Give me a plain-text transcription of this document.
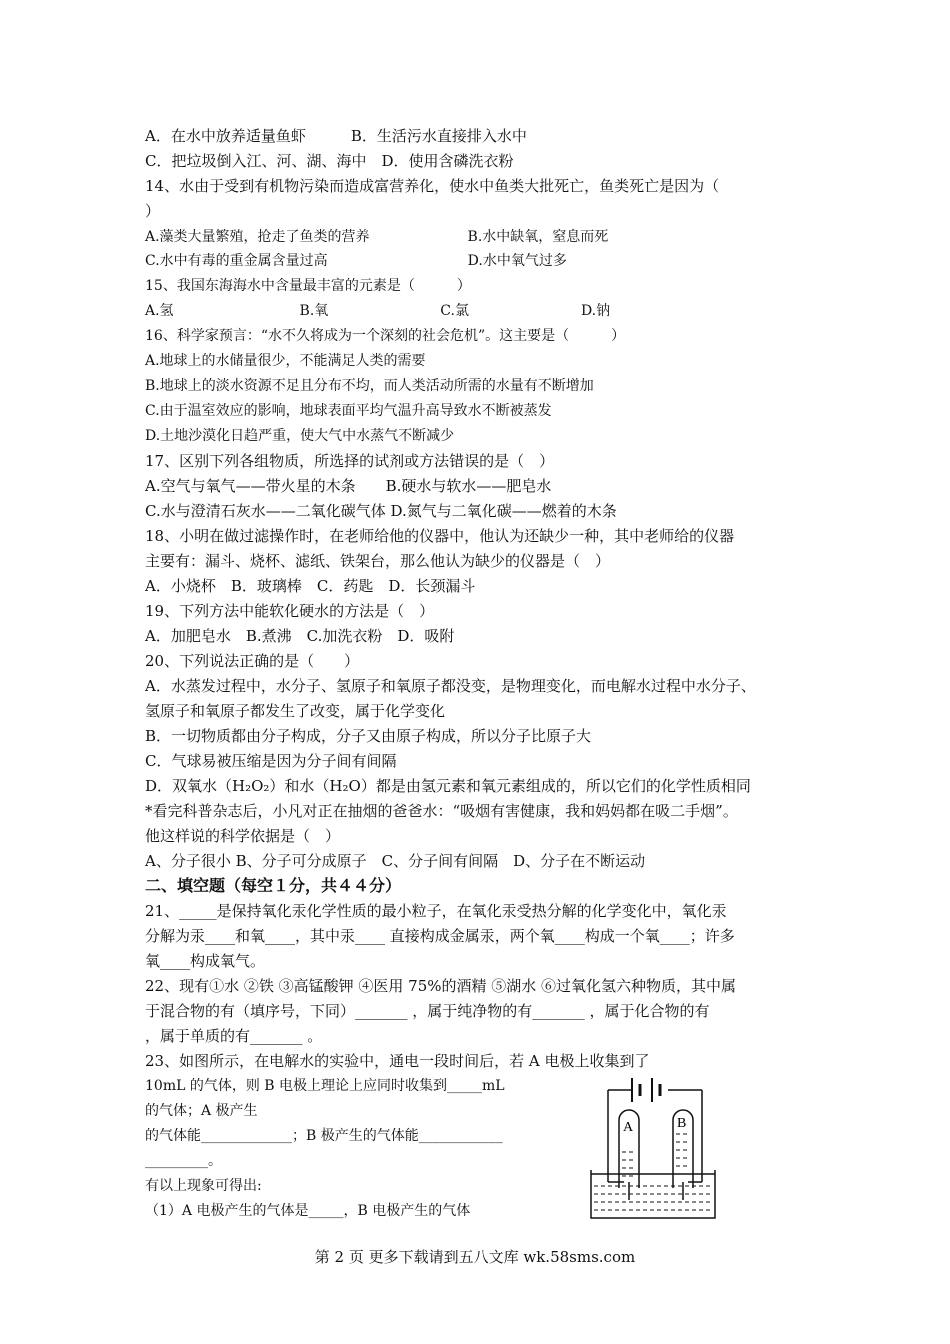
A．在水中放养适量鱼虾　　　B．生活污水直接排入水中
C．把垃圾倒入江、河、湖、海中　D．使用含磷洗衣粉
14、水由于受到有机物污染而造成富营养化，使水中鱼类大批死亡，鱼类死亡是因为（
）
A.藻类大量繁殖，抢走了鱼类的营养　　　　　　　B.水中缺氧，窒息而死
C.水中有毒的重金属含量过高　　　　　　　　　　D.水中氧气过多
15、我国东海海水中含量最丰富的元素是（　　　）
A.氢　　　　　　　　　B.氧　　　　　　　　C.氯　　　　　　　　D.钠
16、科学家预言：“水不久将成为一个深刻的社会危机”。这主要是（　　　）
A.地球上的水储量很少，不能满足人类的需要
B.地球上的淡水资源不足且分布不均，而人类活动所需的水量有不断增加
C.由于温室效应的影响，地球表面平均气温升高导致水不断被蒸发
D.土地沙漠化日趋严重，使大气中水蒸气不断减少
17、区别下列各组物质，所选择的试剂或方法错误的是（　）
A.空气与氧气——带火星的木条　　B.硬水与软水——肥皂水
C.水与澄清石灰水——二氧化碳气体 D.氮气与二氧化碳——燃着的木条
18、小明在做过滤操作时，在老师给他的仪器中，他认为还缺少一种，其中老师给的仪器
主要有：漏斗、烧杯、滤纸、铁架台，那么他认为缺少的仪器是（　）
A．小烧杯　B．玻璃棒　C．药匙　D．长颈漏斗
19、下列方法中能软化硬水的方法是（　）
A．加肥皂水　B.煮沸　C.加洗衣粉　D．吸附
20、下列说法正确的是（　　）
A．水蒸发过程中，水分子、氢原子和氧原子都没变，是物理变化，而电解水过程中水分子、
氢原子和氧原子都发生了改变，属于化学变化
B．一切物质都由分子构成，分子又由原子构成，所以分子比原子大
C．气球易被压缩是因为分子间有间隔
D．双氧水（H₂O₂）和水（H₂O）都是由氢元素和氧元素组成的，所以它们的化学性质相同
*看完科普杂志后，小凡对正在抽烟的爸爸水：“吸烟有害健康，我和妈妈都在吸二手烟”。
他这样说的科学依据是（　）
A、分子很小 B、分子可分成原子　C、分子间有间隔　D、分子在不断运动
二、填空题（每空１分，共４４分）
21、_____是保持氧化汞化学性质的最小粒子，在氧化汞受热分解的化学变化中，氧化汞
分解为汞____和氧____，其中汞____ 直接构成金属汞，两个氧____构成一个氧____；许多
氧____构成氧气。
22、现有①水 ②铁 ③高锰酸钾 ④医用 75%的酒精 ⑤湖水 ⑥过氧化氢六种物质，其中属
于混合物的有（填序号，下同）_______ ，属于纯净物的有_______ ，属于化合物的有
，属于单质的有_______ 。
23、如图所示，在电解水的实验中，通电一段时间后，若 A 电极上收集到了
10mL 的气体，则 B 电极上理论上应同时收集到_____mL
的气体；A 极产生
的气体能_____________；B 极产生的气体能____________
_________。
有以上现象可得出:
（1）A 电极产生的气体是_____，B 电极产生的气体
A	B
第 2 页 更多下载请到五八文库 wk.58sms.com
